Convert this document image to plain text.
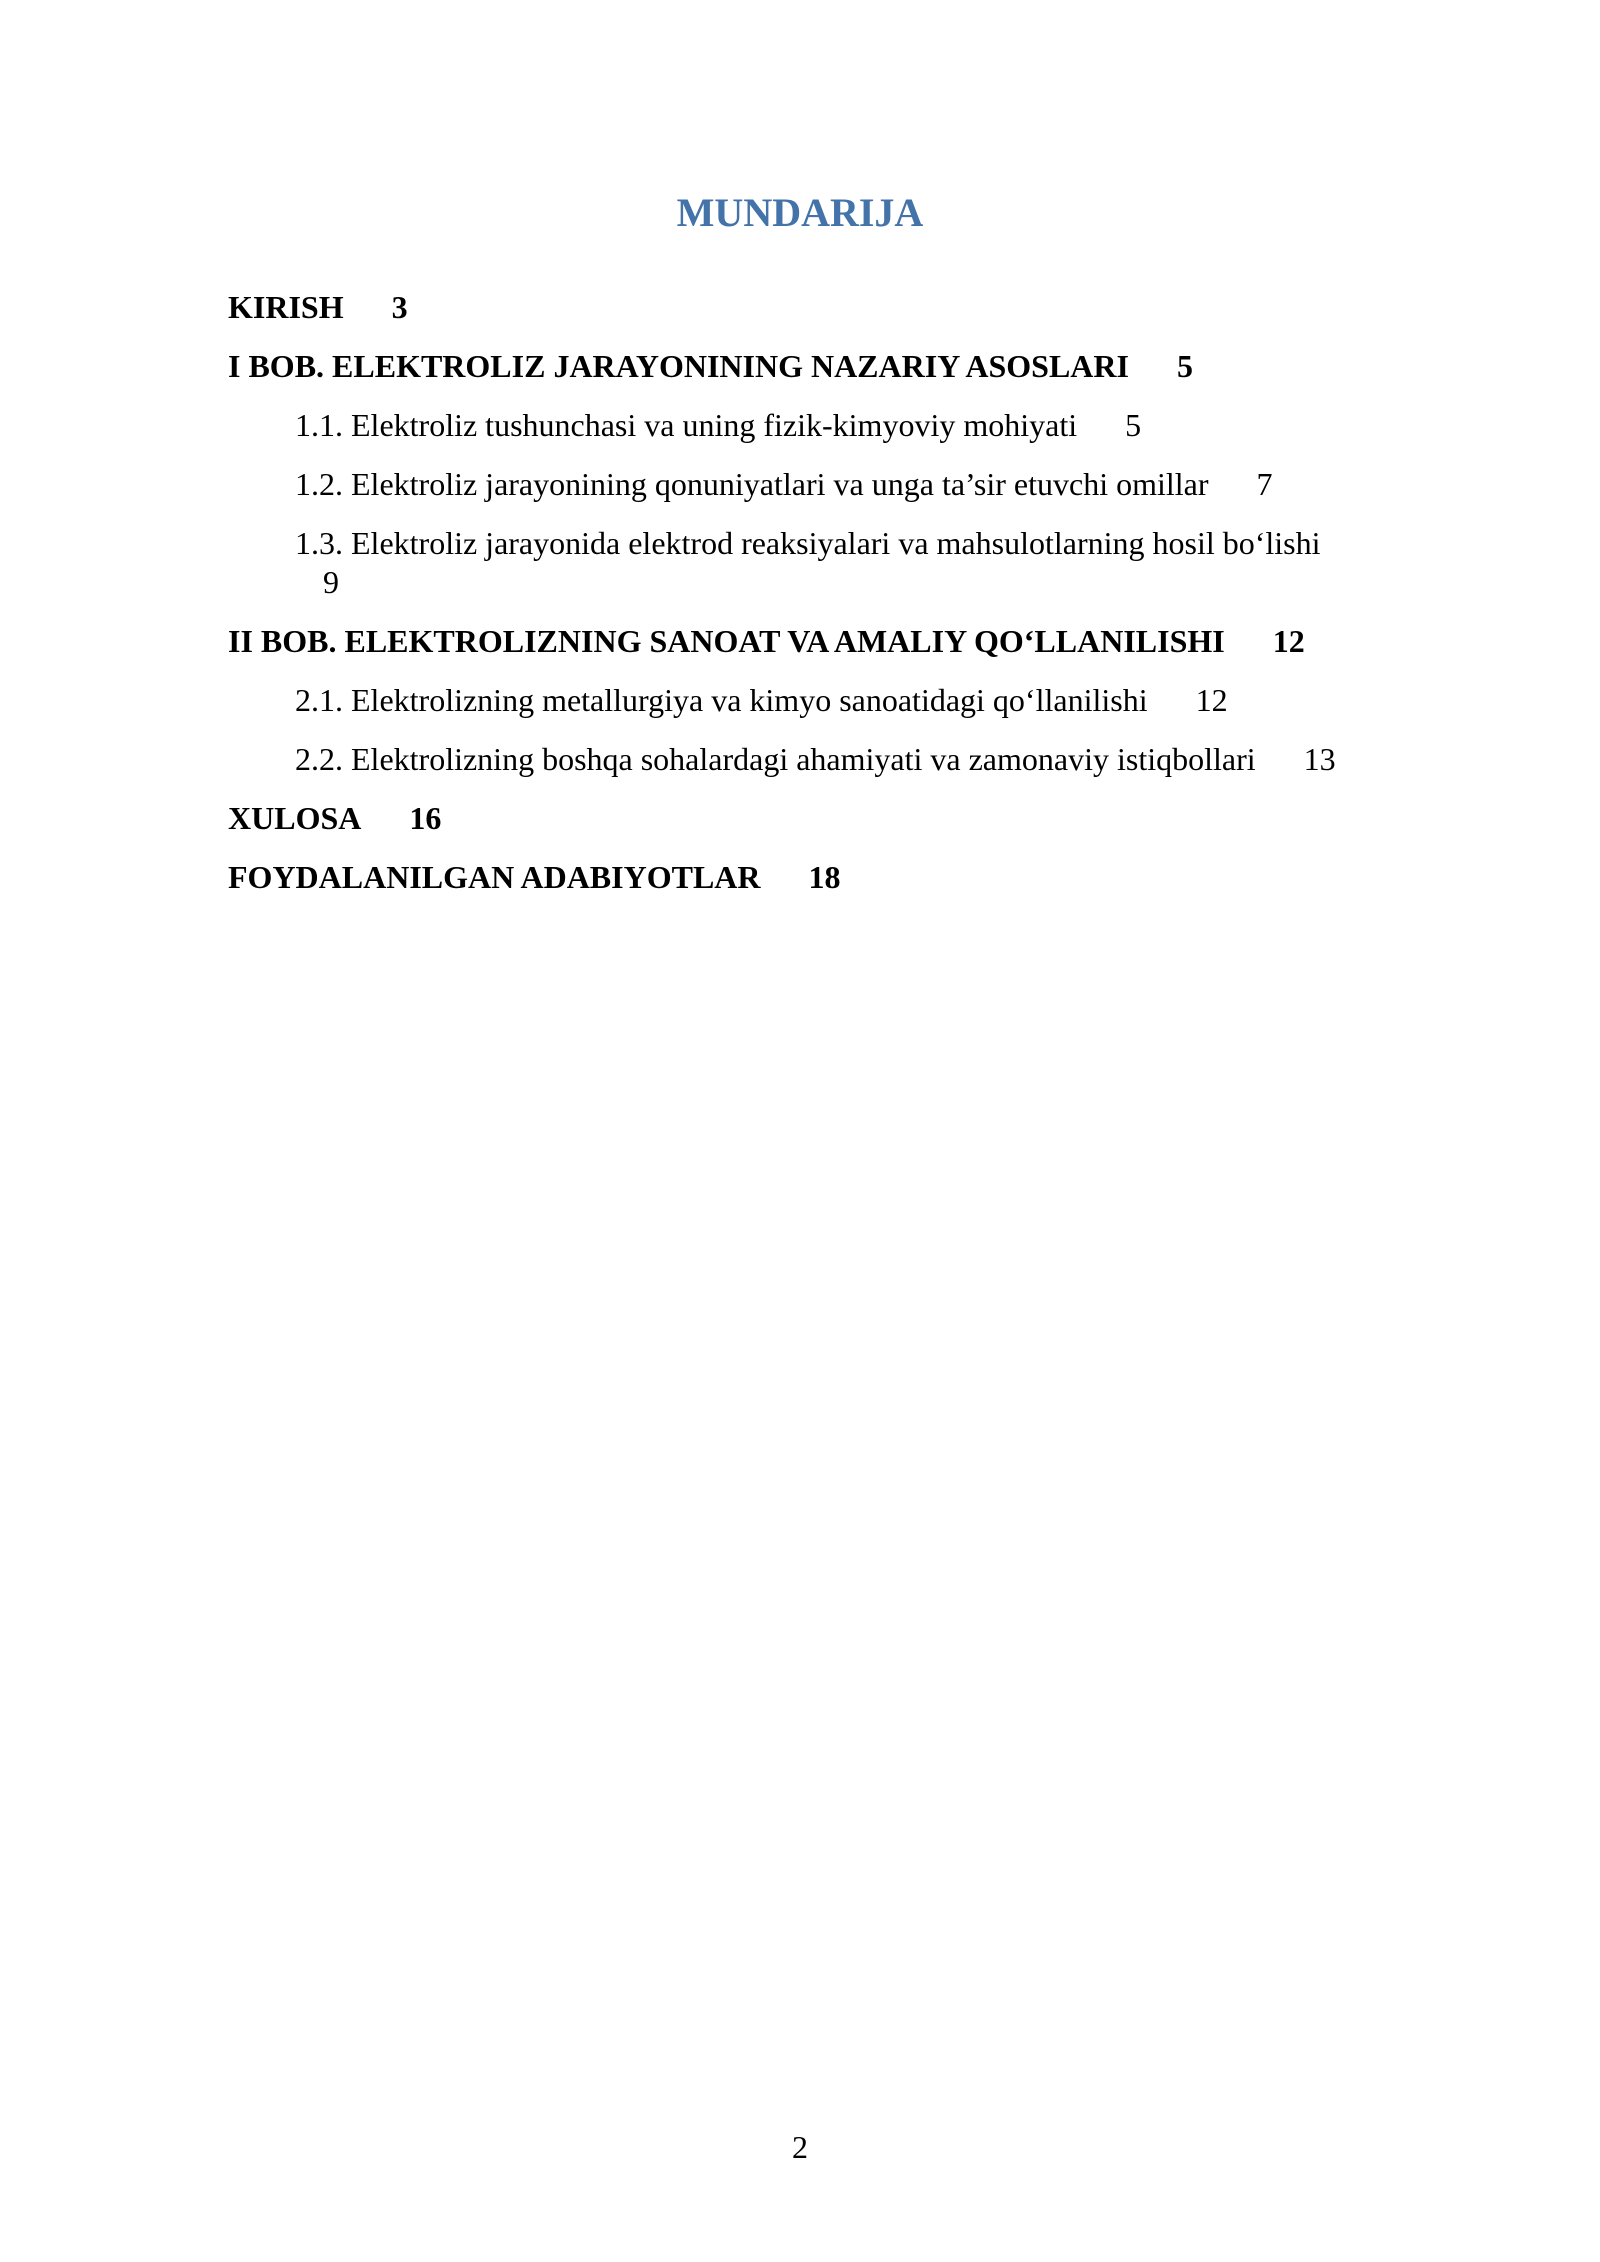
MUNDARIJA
KIRISH 3
I BOB. ELEKTROLIZ JARAYONINING NAZARIY ASOSLARI 5
1.1. Elektroliz tushunchasi va uning fizik-kimyoviy mohiyati 5
1.2. Elektroliz jarayonining qonuniyatlari va unga ta’sir etuvchi omillar 7
1.3. Elektroliz jarayonida elektrod reaksiyalari va mahsulotlarning hosil bo‘lishi
9
II BOB. ELEKTROLIZNING SANOAT VA AMALIY QO‘LLANILISHI 12
2.1. Elektrolizning metallurgiya va kimyo sanoatidagi qo‘llanilishi 12
2.2. Elektrolizning boshqa sohalardagi ahamiyati va zamonaviy istiqbollari 13
XULOSA 16
FOYDALANILGAN ADABIYOTLAR 18
2
